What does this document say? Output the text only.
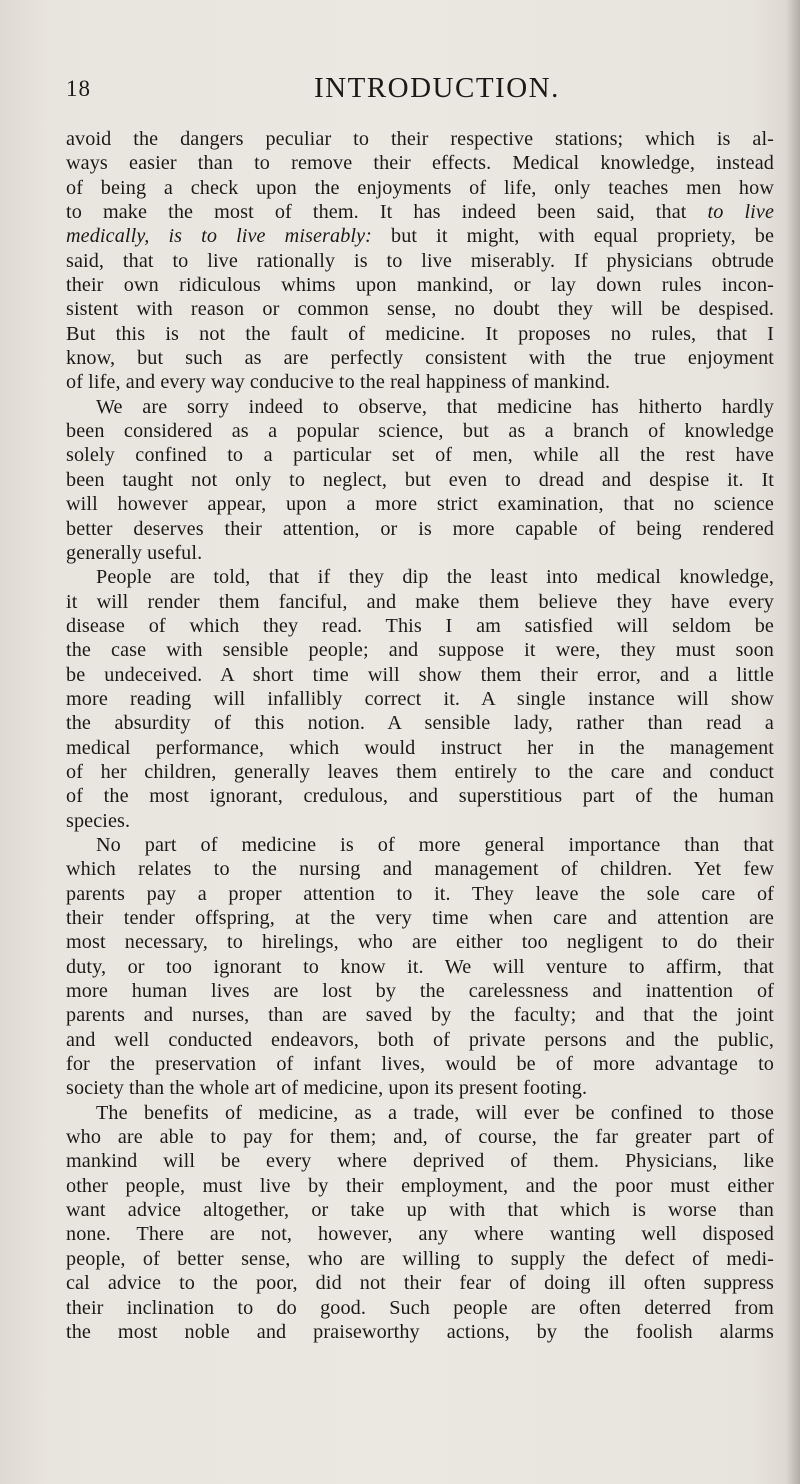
18	INTRODUCTION.
avoid the dangers peculiar to their respective stations; which is al-
ways easier than to remove their effects. Medical knowledge, instead
of being a check upon the enjoyments of life, only teaches men how
to make the most of them. It has indeed been said, that to live
medically, is to live miserably: but it might, with equal propriety, be
said, that to live rationally is to live miserably. If physicians obtrude
their own ridiculous whims upon mankind, or lay down rules incon-
sistent with reason or common sense, no doubt they will be despised.
But this is not the fault of medicine. It proposes no rules, that I
know, but such as are perfectly consistent with the true enjoyment
of life, and every way conducive to the real happiness of mankind.
We are sorry indeed to observe, that medicine has hitherto hardly
been considered as a popular science, but as a branch of knowledge
solely confined to a particular set of men, while all the rest have
been taught not only to neglect, but even to dread and despise it. It
will however appear, upon a more strict examination, that no science
better deserves their attention, or is more capable of being rendered
generally useful.
People are told, that if they dip the least into medical knowledge,
it will render them fanciful, and make them believe they have every
disease of which they read. This I am satisfied will seldom be
the case with sensible people; and suppose it were, they must soon
be undeceived. A short time will show them their error, and a little
more reading will infallibly correct it. A single instance will show
the absurdity of this notion. A sensible lady, rather than read a
medical performance, which would instruct her in the management
of her children, generally leaves them entirely to the care and conduct
of the most ignorant, credulous, and superstitious part of the human
species.
No part of medicine is of more general importance than that
which relates to the nursing and management of children. Yet few
parents pay a proper attention to it. They leave the sole care of
their tender offspring, at the very time when care and attention are
most necessary, to hirelings, who are either too negligent to do their
duty, or too ignorant to know it. We will venture to affirm, that
more human lives are lost by the carelessness and inattention of
parents and nurses, than are saved by the faculty; and that the joint
and well conducted endeavors, both of private persons and the public,
for the preservation of infant lives, would be of more advantage to
society than the whole art of medicine, upon its present footing.
The benefits of medicine, as a trade, will ever be confined to those
who are able to pay for them; and, of course, the far greater part of
mankind will be every where deprived of them. Physicians, like
other people, must live by their employment, and the poor must either
want advice altogether, or take up with that which is worse than
none. There are not, however, any where wanting well disposed
people, of better sense, who are willing to supply the defect of medi-
cal advice to the poor, did not their fear of doing ill often suppress
their inclination to do good. Such people are often deterred from
the most noble and praiseworthy actions, by the foolish alarms
